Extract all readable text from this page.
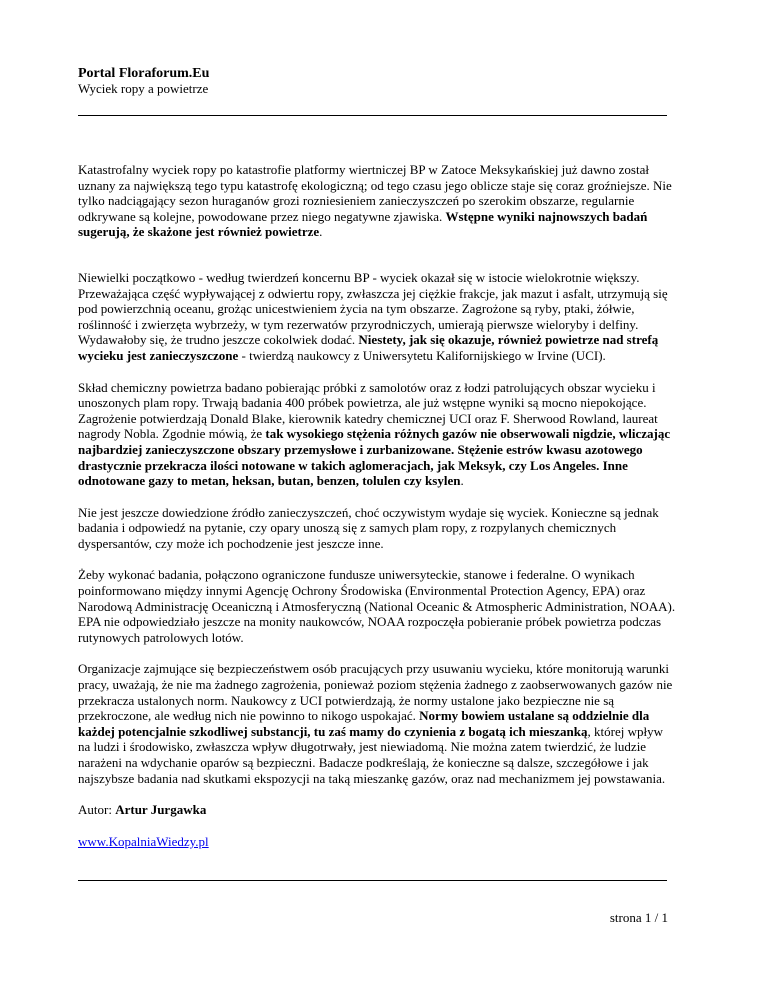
Portal Floraforum.Eu
Wyciek ropy a powietrze

Katastrofalny wyciek ropy po katastrofie platformy wiertniczej BP w Zatoce Meksykańskiej już dawno został uznany za największą tego typu katastrofę ekologiczną; od tego czasu jego oblicze staje się coraz groźniejsze. Nie tylko nadciągający sezon huraganów grozi rozniesieniem zanieczyszczeń po szerokim obszarze, regularnie odkrywane są kolejne, powodowane przez niego negatywne zjawiska. Wstępne wyniki najnowszych badań sugerują, że skażone jest również powietrze.

Niewielki początkowo - według twierdzeń koncernu BP - wyciek okazał się w istocie wielokrotnie większy. Przeważająca część wypływającej z odwiertu ropy, zwłaszcza jej ciężkie frakcje, jak mazut i asfalt, utrzymują się pod powierzchnią oceanu, grożąc unicestwieniem życia na tym obszarze. Zagrożone są ryby, ptaki, żółwie, roślinność i zwierzęta wybrzeży, w tym rezerwatów przyrodniczych, umierają pierwsze wieloryby i delfiny. Wydawałoby się, że trudno jeszcze cokolwiek dodać. Niestety, jak się okazuje, również powietrze nad strefą wycieku jest zanieczyszczone - twierdzą naukowcy z Uniwersytetu Kalifornijskiego w Irvine (UCI).

Skład chemiczny powietrza badano pobierając próbki z samolotów oraz z łodzi patrolujących obszar wycieku i unoszonych plam ropy. Trwają badania 400 próbek powietrza, ale już wstępne wyniki są mocno niepokojące. Zagrożenie potwierdzają Donald Blake, kierownik katedry chemicznej UCI oraz F. Sherwood Rowland, laureat nagrody Nobla. Zgodnie mówią, że tak wysokiego stężenia różnych gazów nie obserwowali nigdzie, wliczając najbardziej zanieczyszczone obszary przemysłowe i zurbanizowane. Stężenie estrów kwasu azotowego drastycznie przekracza ilości notowane w takich aglomeracjach, jak Meksyk, czy Los Angeles. Inne odnotowane gazy to metan, heksan, butan, benzen, tolulen czy ksylen.

Nie jest jeszcze dowiedzione źródło zanieczyszczeń, choć oczywistym wydaje się wyciek. Konieczne są jednak badania i odpowiedź na pytanie, czy opary unoszą się z samych plam ropy, z rozpylanych chemicznych dyspersantów, czy może ich pochodzenie jest jeszcze inne.

Żeby wykonać badania, połączono ograniczone fundusze uniwersyteckie, stanowe i federalne. O wynikach poinformowano między innymi Agencję Ochrony Środowiska (Environmental Protection Agency, EPA) oraz Narodową Administrację Oceaniczną i Atmosferyczną (National Oceanic & Atmospheric Administration, NOAA). EPA nie odpowiedziało jeszcze na monity naukowców, NOAA rozpoczęła pobieranie próbek powietrza podczas rutynowych patrolowych lotów.

Organizacje zajmujące się bezpieczeństwem osób pracujących przy usuwaniu wycieku, które monitorują warunki pracy, uważają, że nie ma żadnego zagrożenia, ponieważ poziom stężenia żadnego z zaobserwowanych gazów nie przekracza ustalonych norm. Naukowcy z UCI potwierdzają, że normy ustalone jako bezpieczne nie są przekroczone, ale według nich nie powinno to nikogo uspokajać. Normy bowiem ustalane są oddzielnie dla każdej potencjalnie szkodliwej substancji, tu zaś mamy do czynienia z bogatą ich mieszanką, której wpływ na ludzi i środowisko, zwłaszcza wpływ długotrwały, jest niewiadomą. Nie można zatem twierdzić, że ludzie narażeni na wdychanie oparów są bezpieczni. Badacze podkreślają, że konieczne są dalsze, szczegółowe i jak najszybsze badania nad skutkami ekspozycji na taką mieszankę gazów, oraz nad mechanizmem jej powstawania.

Autor: Artur Jurgawka

www.KopalniaWiedzy.pl

strona 1 / 1
